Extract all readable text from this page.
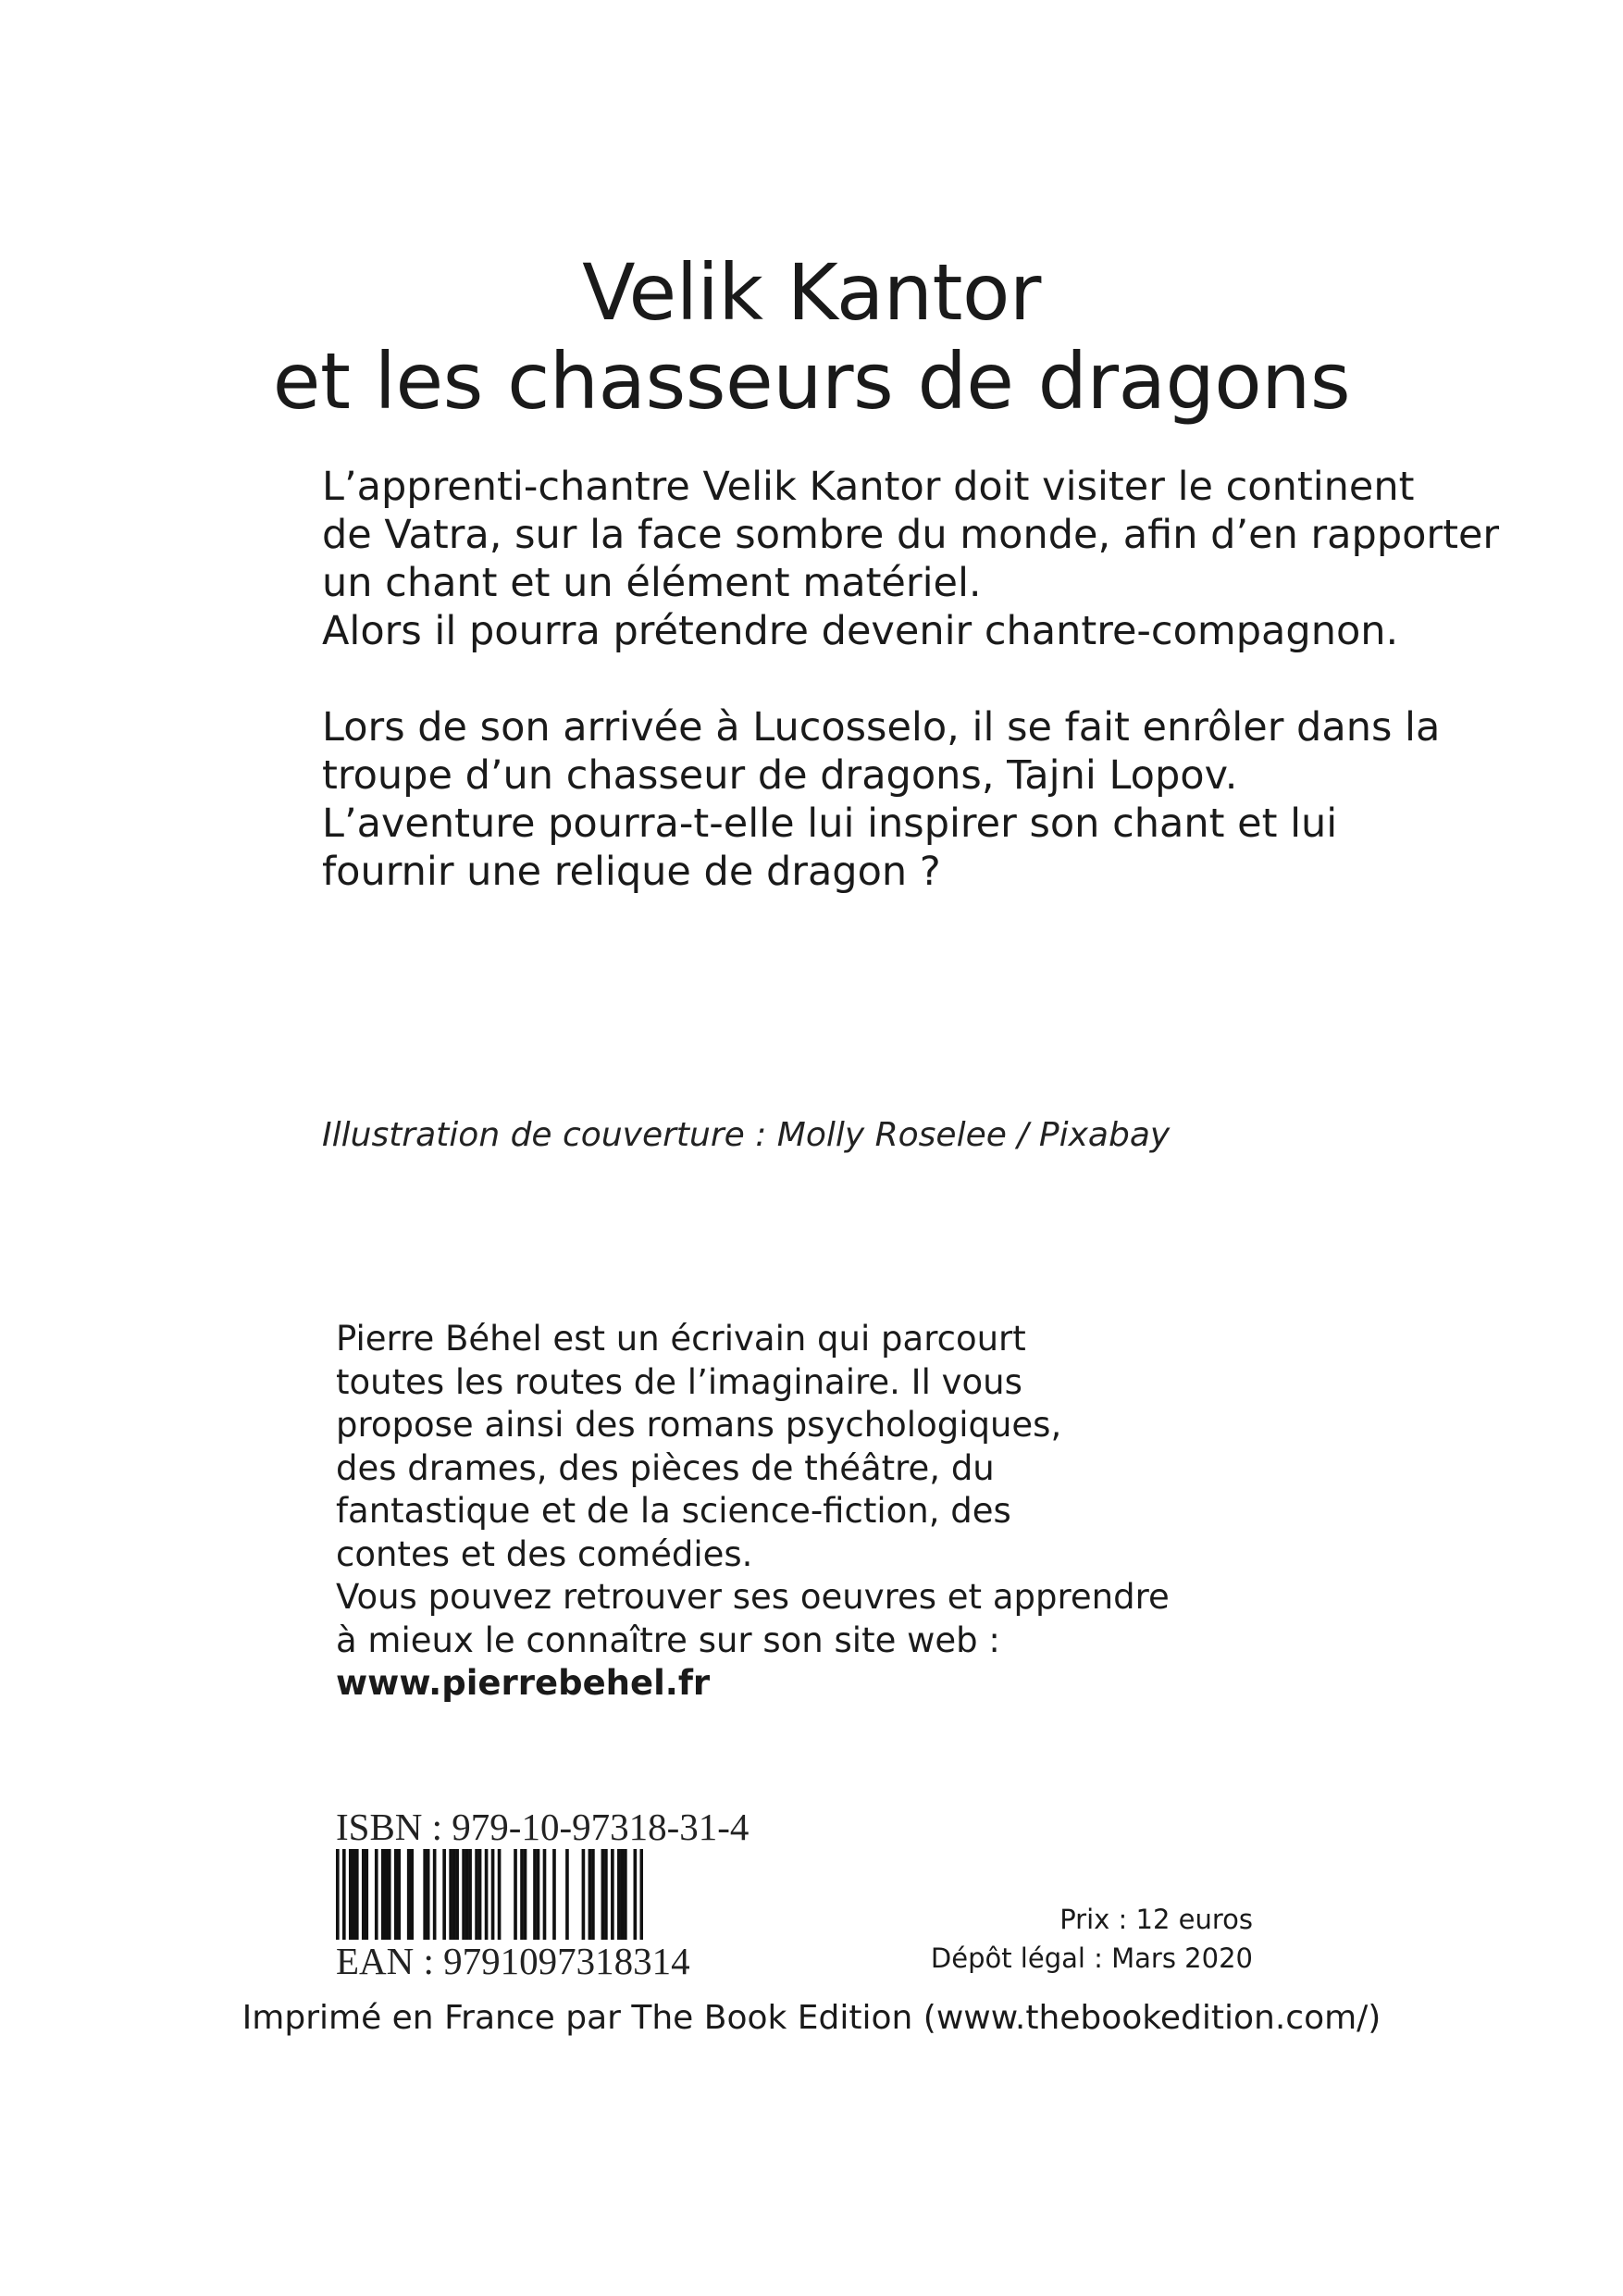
Velik Kantor
et les chasseurs de dragons
L’apprenti-chantre Velik Kantor doit visiter le continent
de Vatra, sur la face sombre du monde, afin d’en rapporter
un chant et un élément matériel.
Alors il pourra prétendre devenir chantre-compagnon.
Lors de son arrivée à Lucosselo, il se fait enrôler dans la
troupe d’un chasseur de dragons, Tajni Lopov.
L’aventure pourra-t-elle lui inspirer son chant et lui
fournir une relique de dragon ?
Illustration de couverture : Molly Roselee / Pixabay
Pierre Béhel est un écrivain qui parcourt
toutes les routes de l’imaginaire. Il vous
propose ainsi des romans psychologiques,
des drames, des pièces de théâtre, du
fantastique et de la science-fiction, des
contes et des comédies.
Vous pouvez retrouver ses oeuvres et apprendre
à mieux le connaître sur son site web :
www.pierrebehel.fr
ISBN : 979-10-97318-31-4
EAN : 9791097318314
Prix : 12 euros
Dépôt légal : Mars 2020
Imprimé en France par The Book Edition (www.thebookedition.com/)
